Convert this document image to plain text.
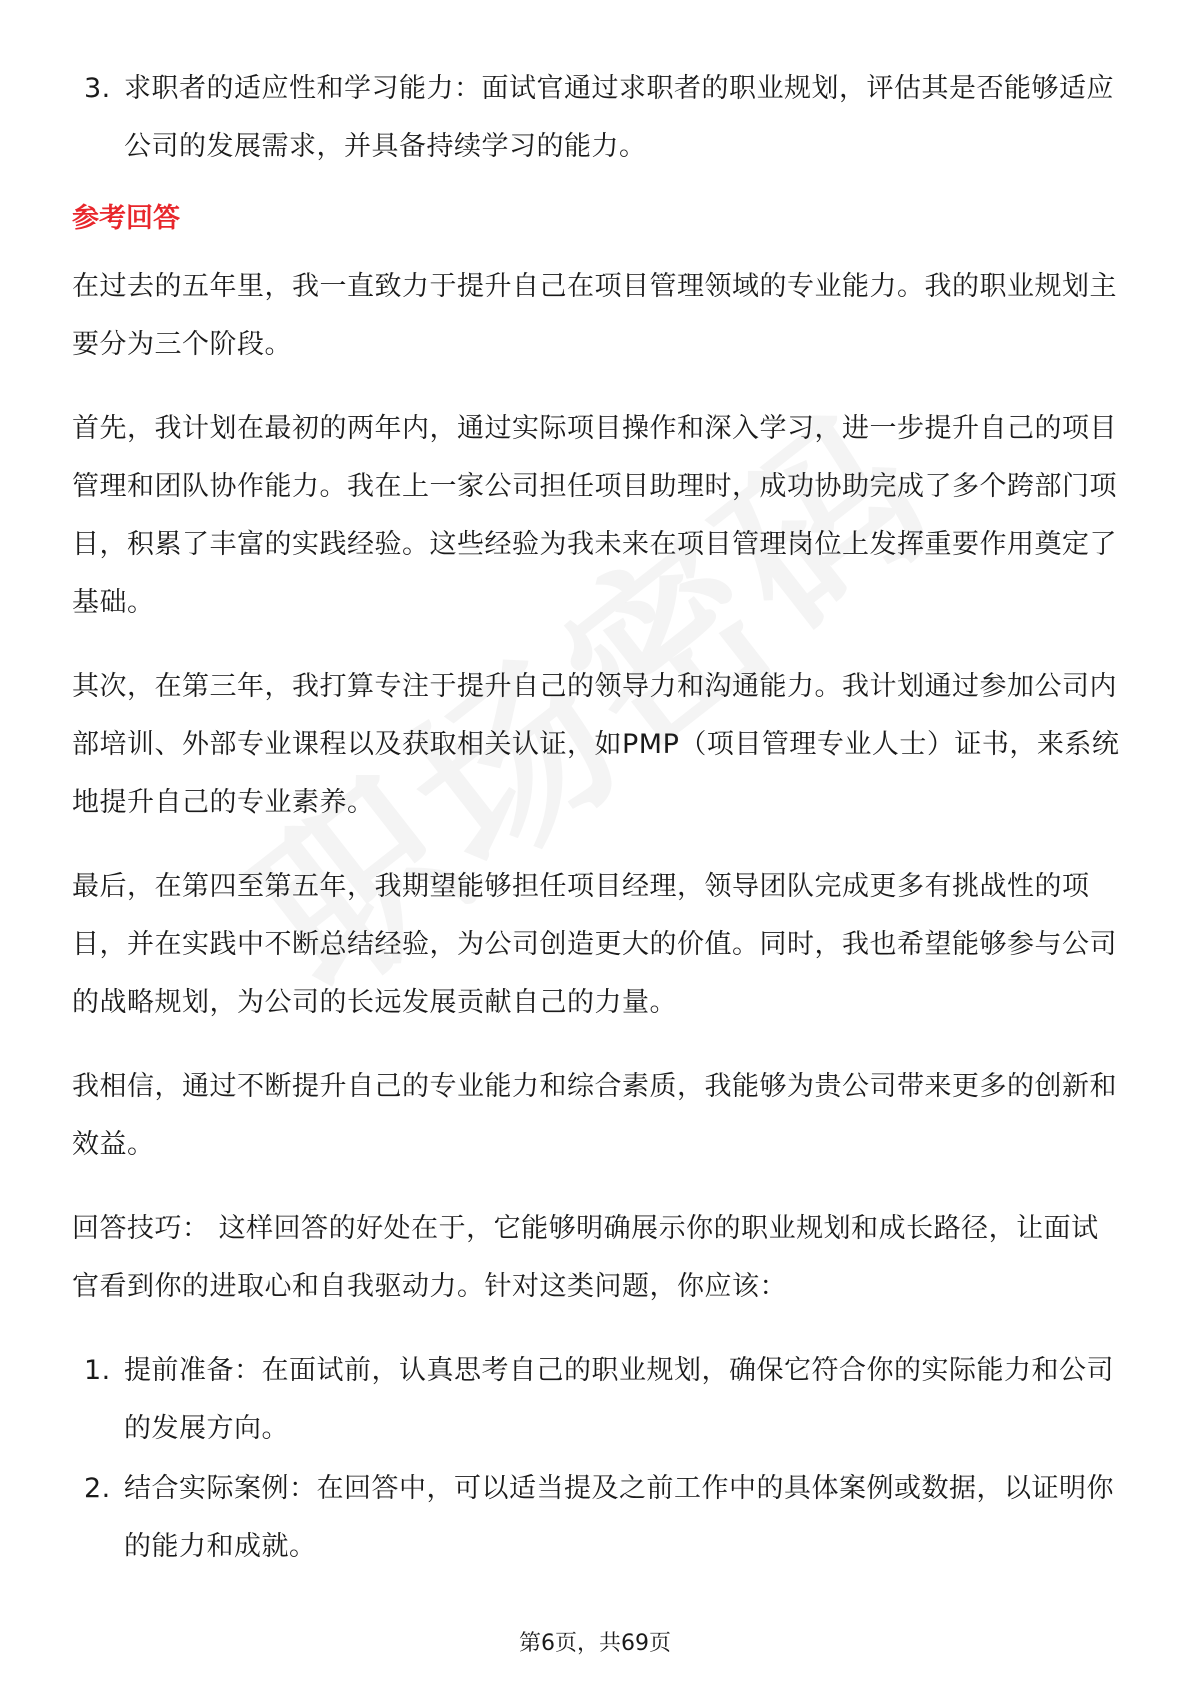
3. 求职者的适应性和学习能力：面试官通过求职者的职业规划，评估其是否能够适应公司的发展需求，并具备持续学习的能力。
参考回答

在过去的五年里，我一直致力于提升自己在项目管理领域的专业能力。我的职业规划主要分为三个阶段。

首先，我计划在最初的两年内，通过实际项目操作和深入学习，进一步提升自己的项目管理和团队协作能力。我在上一家公司担任项目助理时，成功协助完成了多个跨部门项目，积累了丰富的实践经验。这些经验为我未来在项目管理岗位上发挥重要作用奠定了基础。

其次，在第三年，我打算专注于提升自己的领导力和沟通能力。我计划通过参加公司内部培训、外部专业课程以及获取相关认证，如PMP（项目管理专业人士）证书，来系统地提升自己的专业素养。

最后，在第四至第五年，我期望能够担任项目经理，领导团队完成更多有挑战性的项目，并在实践中不断总结经验，为公司创造更大的价值。同时，我也希望能够参与公司的战略规划，为公司的长远发展贡献自己的力量。

我相信，通过不断提升自己的专业能力和综合素质，我能够为贵公司带来更多的创新和效益。

回答技巧： 这样回答的好处在于，它能够明确展示你的职业规划和成长路径，让面试官看到你的进取心和自我驱动力。针对这类问题，你应该：

1. 提前准备：在面试前，认真思考自己的职业规划，确保它符合你的实际能力和公司的发展方向。
2. 结合实际案例：在回答中，可以适当提及之前工作中的具体案例或数据，以证明你的能力和成就。
第6页，共69页
